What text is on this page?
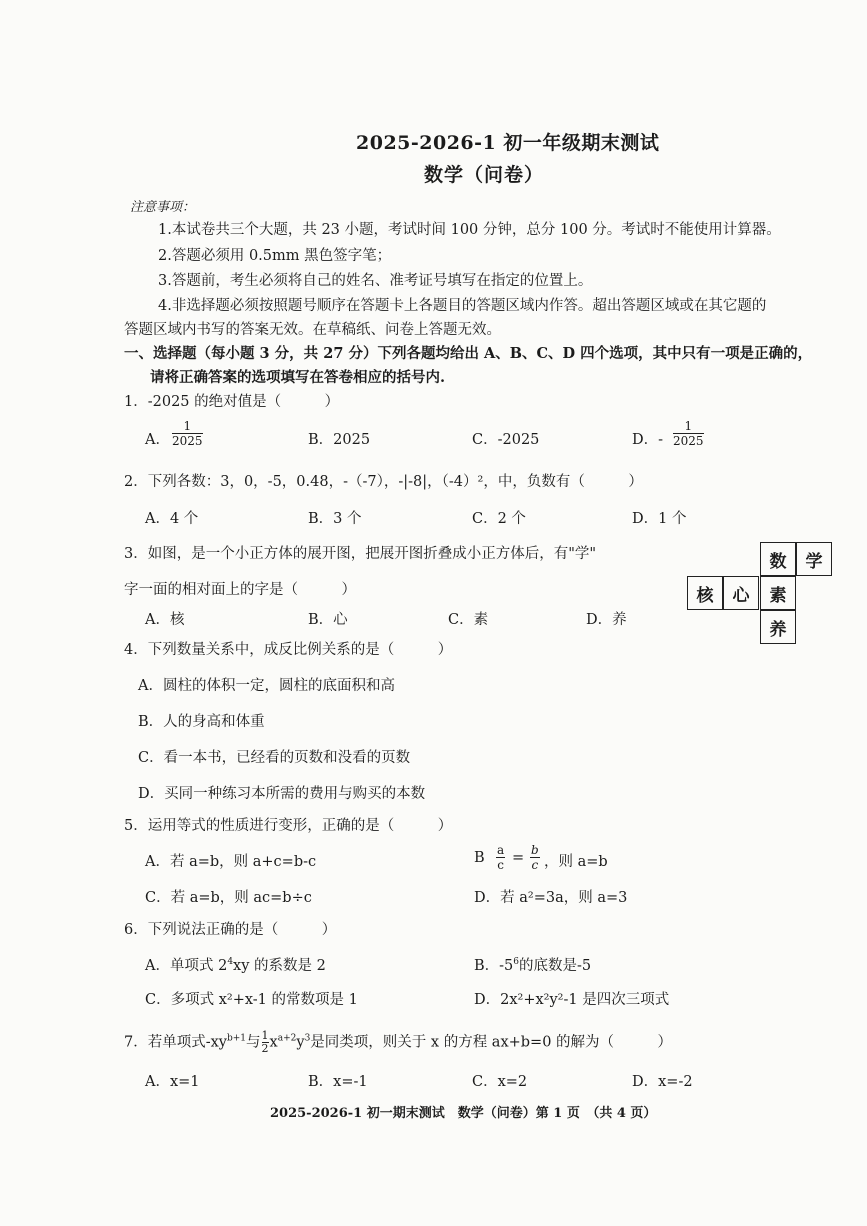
2025-2026-1 初一年级期末测试
数学（问卷）
注意事项：
1.本试卷共三个大题，共 23 小题，考试时间 100 分钟，总分 100 分。考试时不能使用计算器。
2.答题必须用 0.5mm 黑色签字笔；
3.答题前，考生必须将自己的姓名、准考证号填写在指定的位置上。
4.非选择题必须按照题号顺序在答题卡上各题目的答题区域内作答。超出答题区域或在其它题的
答题区域内书写的答案无效。在草稿纸、问卷上答题无效。
一、选择题（每小题 3 分，共 27 分）下列各题均给出 A、B、C、D 四个选项，其中只有一项是正确的，
请将正确答案的选项填写在答卷相应的括号内.
1．-2025 的绝对值是（　　　）
A． $\frac{1}{2025}$	B．2025	C．-2025	D．- $\frac{1}{2025}$
2．下列各数：3，0，-5，0.48，-（-7），-|-8|，（-4）²，中，负数有（　　　）
A．4 个	B．3 个	C．2 个	D．1 个
3．如图，是一个小正方体的展开图，把展开图折叠成小正方体后，有"学"
字一面的相对面上的字是（　　　）
A．核	B．心	C．素	D．养
数	学
核	心	素
养
4．下列数量关系中，成反比例关系的是（　　　）
A．圆柱的体积一定，圆柱的底面积和高
B．人的身高和体重
C．看一本书，已经看的页数和没看的页数
D．买同一种练习本所需的费用与购买的本数
5．运用等式的性质进行变形，正确的是（　　　）
A．若 a=b，则 a+c=b-c	B $\frac{a}{c} = \frac{b}{c}$ ，则 a=b
C．若 a=b，则 ac=b÷c	D．若 a²=3a，则 a=3
6．下列说法正确的是（　　　）
A．单项式 $2^4xy$ 的系数是 2	B．$-5^6$的底数是-5
C．多项式 x²+x-1 的常数项是 1	D．2x²+x²y²-1 是四次三项式
7．若单项式$-xy^{b+1}$与 $\frac{1}{2} x^{a+2}y^3$是同类项，则关于 x 的方程 ax+b=0 的解为（　　　）
A．x=1	B．x=-1	C．x=2	D．x=-2
2025-2026-1 初一期末测试　数学（问卷）第 1 页　（共 4 页）
